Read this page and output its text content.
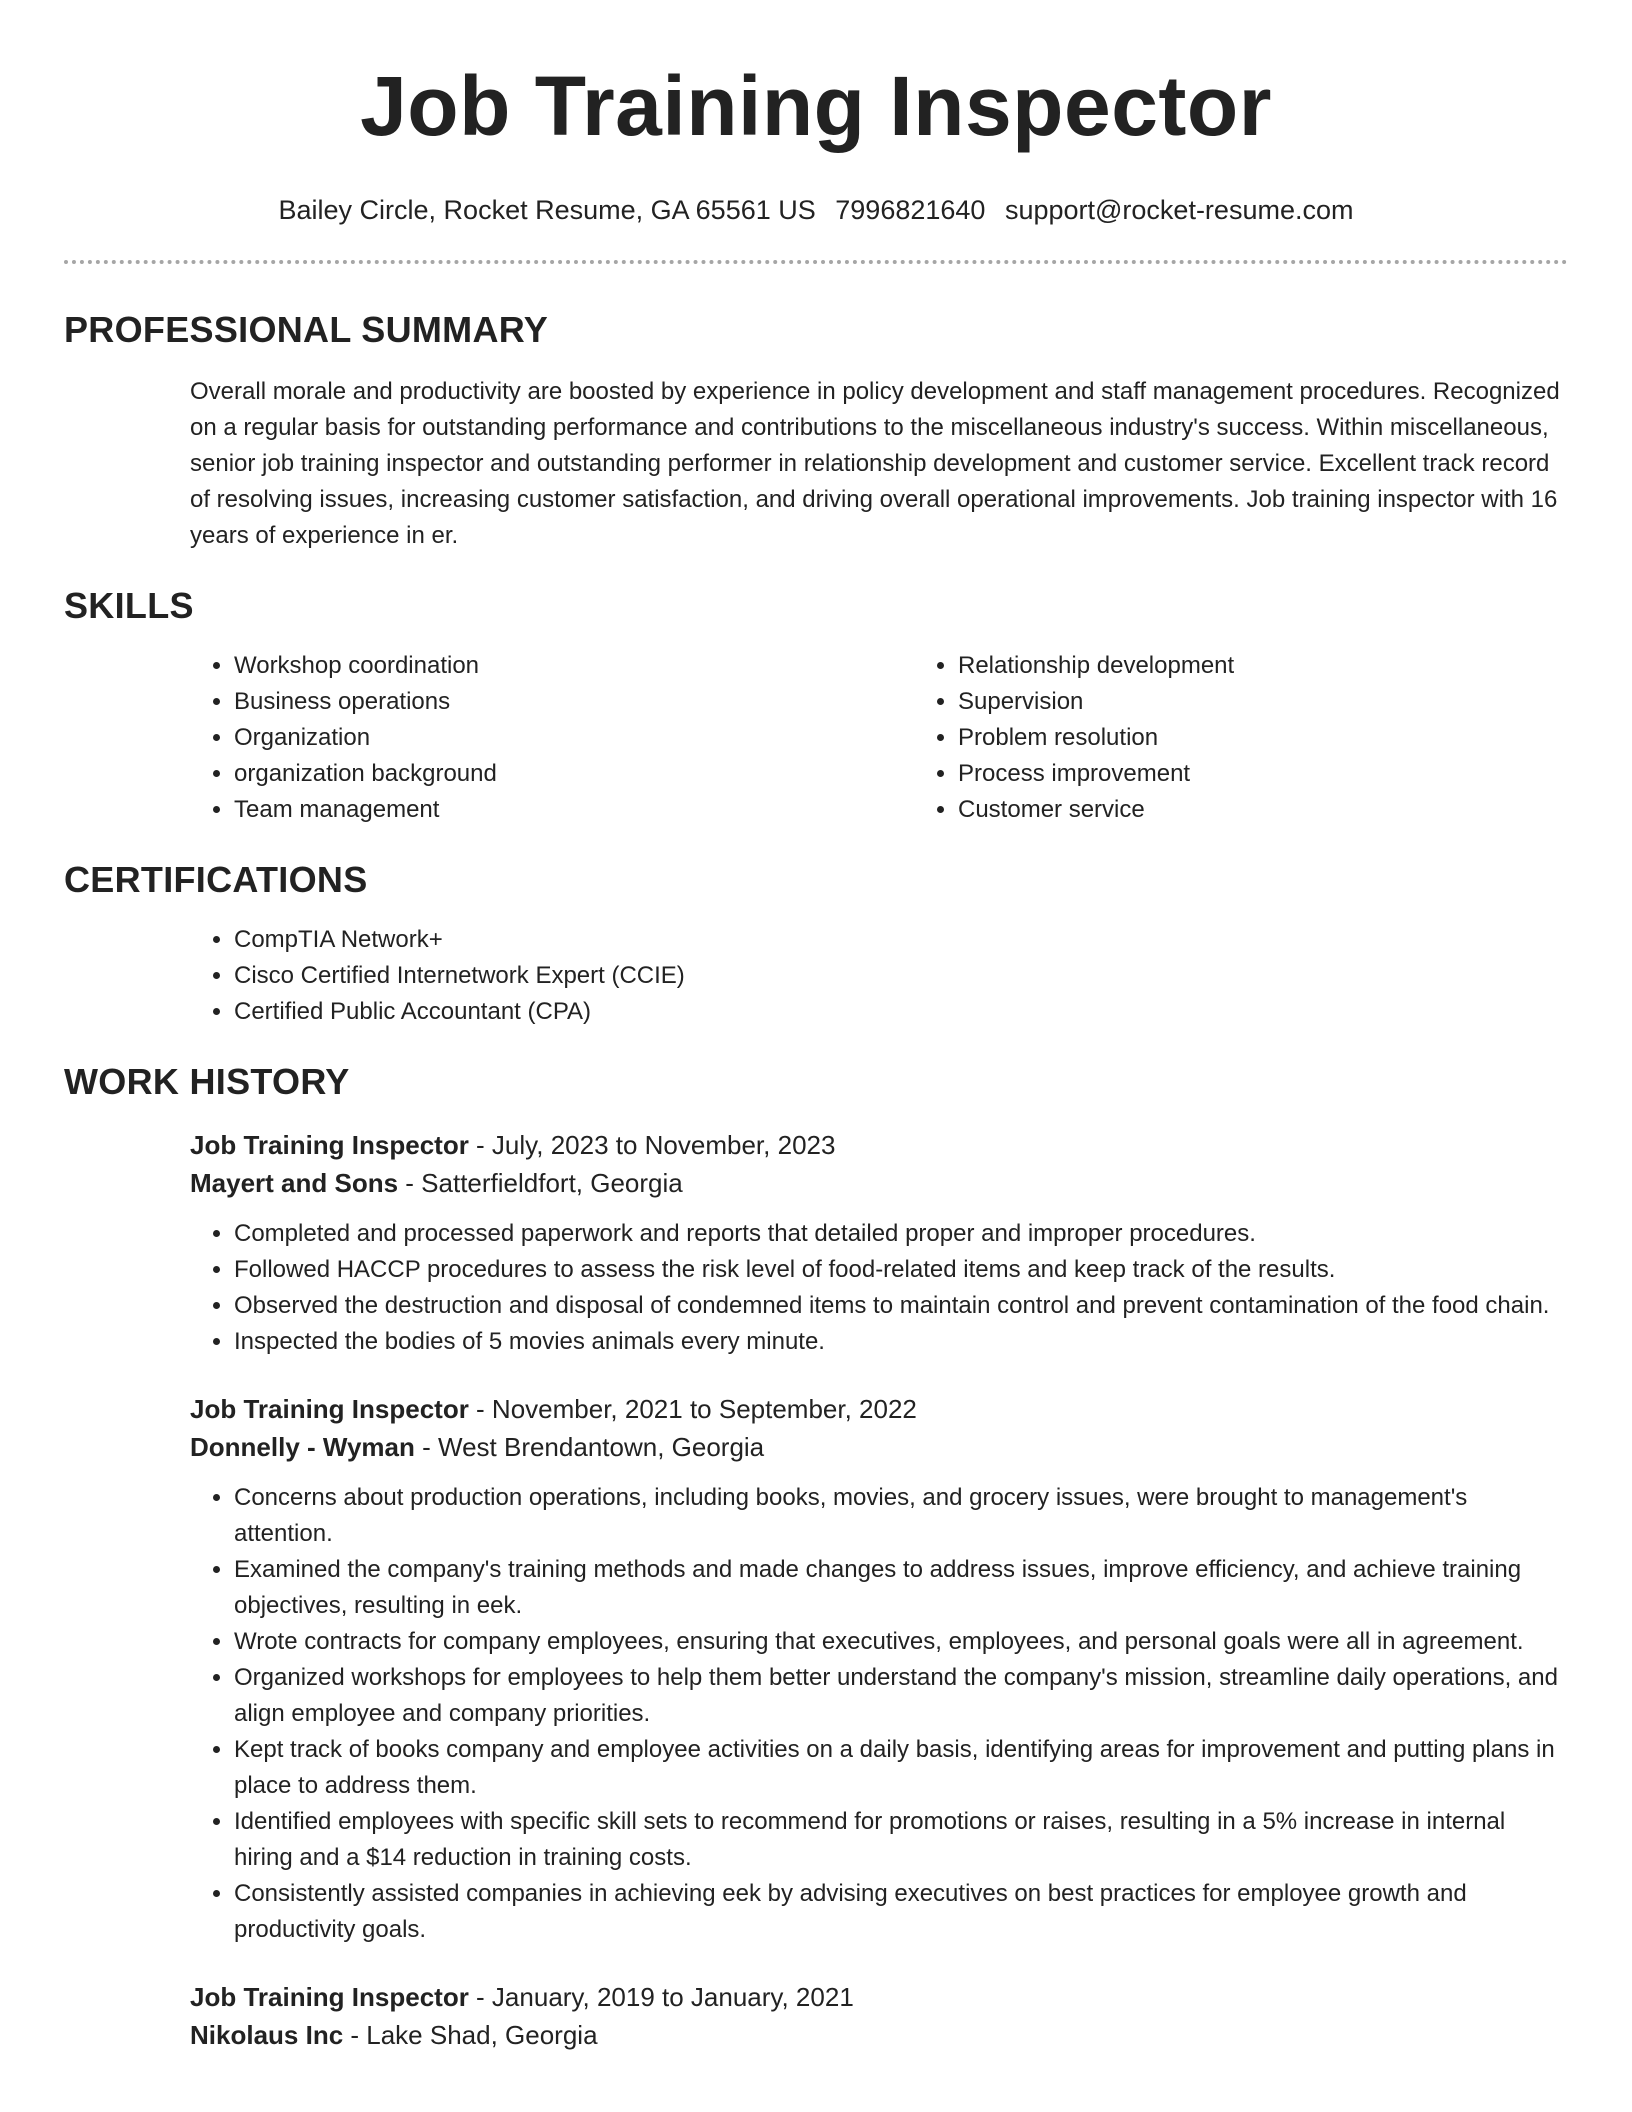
Job Training Inspector
Bailey Circle, Rocket Resume, GA 65561 US 7996821640 support@rocket-resume.com
PROFESSIONAL SUMMARY

Overall morale and productivity are boosted by experience in policy development and staff management procedures. Recognized on a regular basis for outstanding performance and contributions to the miscellaneous industry's success. Within miscellaneous, senior job training inspector and outstanding performer in relationship development and customer service. Excellent track record of resolving issues, increasing customer satisfaction, and driving overall operational improvements. Job training inspector with 16 years of experience in er.

SKILLS
• Workshop coordination
• Business operations
• Organization
• organization background
• Team management
• Relationship development
• Supervision
• Problem resolution
• Process improvement
• Customer service
CERTIFICATIONS
• CompTIA Network+
• Cisco Certified Internetwork Expert (CCIE)
• Certified Public Accountant (CPA)
WORK HISTORY
Job Training Inspector - July, 2023 to November, 2023
Mayert and Sons - Satterfieldfort, Georgia
• Completed and processed paperwork and reports that detailed proper and improper procedures.
• Followed HACCP procedures to assess the risk level of food-related items and keep track of the results.
• Observed the destruction and disposal of condemned items to maintain control and prevent contamination of the food chain.
• Inspected the bodies of 5 movies animals every minute.
Job Training Inspector - November, 2021 to September, 2022
Donnelly - Wyman - West Brendantown, Georgia
• Concerns about production operations, including books, movies, and grocery issues, were brought to management's attention.
• Examined the company's training methods and made changes to address issues, improve efficiency, and achieve training objectives, resulting in eek.
• Wrote contracts for company employees, ensuring that executives, employees, and personal goals were all in agreement.
• Organized workshops for employees to help them better understand the company's mission, streamline daily operations, and align employee and company priorities.
• Kept track of books company and employee activities on a daily basis, identifying areas for improvement and putting plans in place to address them.
• Identified employees with specific skill sets to recommend for promotions or raises, resulting in a 5% increase in internal hiring and a $14 reduction in training costs.
• Consistently assisted companies in achieving eek by advising executives on best practices for employee growth and productivity goals.
Job Training Inspector - January, 2019 to January, 2021
Nikolaus Inc - Lake Shad, Georgia
